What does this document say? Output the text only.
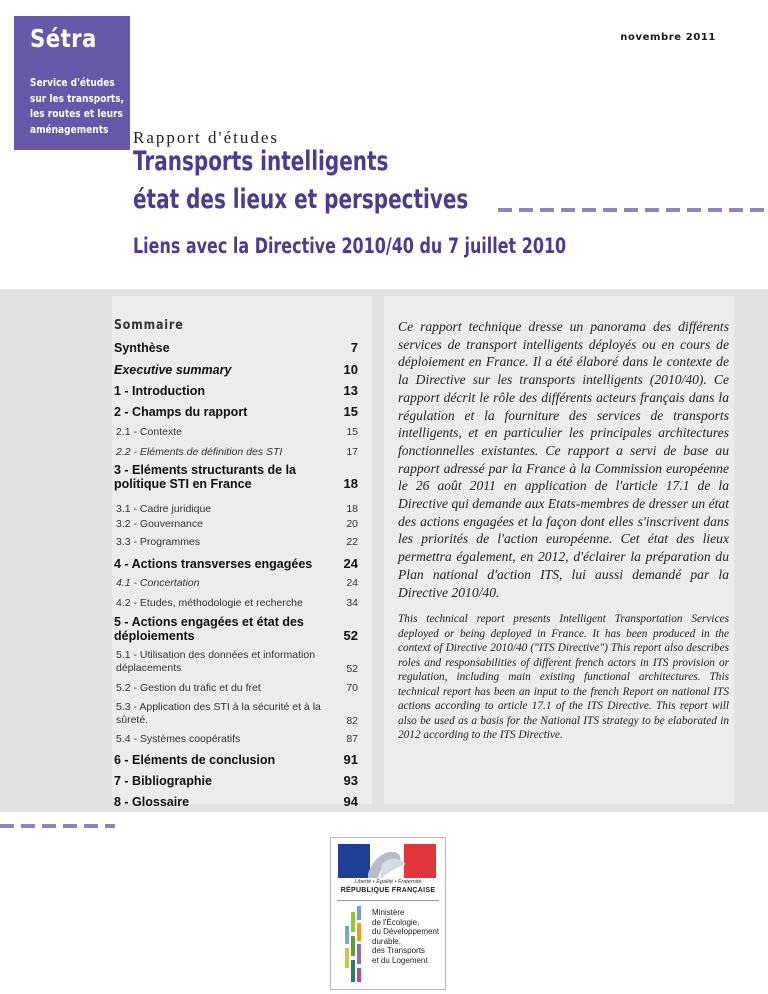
Sétra
Service d'études
sur les transports,
les routes et leurs
aménagements
novembre 2011
Rapport d'études
Transports intelligents
état des lieux et perspectives
Liens avec la Directive 2010/40 du 7 juillet 2010
Sommaire
Synthèse	7
Executive summary	10
1 - Introduction	13
2 - Champs du rapport	15
2.1 - Contexte	15
2.2 - Eléments de définition des STI	17
3 - Eléments structurants de la politique STI en France	18
3.1 - Cadre juridique	18
3.2 - Gouvernance	20
3.3 - Programmes	22
4 - Actions transverses engagées 24
4.1 - Concertation	24
4.2 - Etudes, méthodologie et recherche	34
5 - Actions engagées et état des déploiements	52
5.1 - Utilisation des données et information déplacements	52
5.2 - Gestion du trafic et du fret	70
5.3 - Application des STI à la sécurité et à la sûreté.	82
5.4 - Systèmes coopératifs	87
6 - Eléments de conclusion	91
7 - Bibliographie	93
8 - Glossaire	94
Ce rapport technique dresse un panorama des différents services de transport intelligents déployés ou en cours de déploiement en France. Il a été élaboré dans le contexte de la Directive sur les transports intelligents (2010/40). Ce rapport décrit le rôle des différents acteurs français dans la régulation et la fourniture des services de transports intelligents, et en particulier les principales architectures fonctionnelles existantes. Ce rapport a servi de base au rapport adressé par la France à la Commission européenne le 26 août 2011 en application de l'article 17.1 de la Directive qui demande aux Etats-membres de dresser un état des actions engagées et la façon dont elles s'inscrivent dans les priorités de l'action européenne. Cet état des lieux permettra également, en 2012, d'éclairer la préparation du Plan national d'action ITS, lui aussi demandé par la Directive 2010/40.
This technical report presents Intelligent Transportation Services deployed or being deployed in France. It has been produced in the context of Directive 2010/40 ("ITS Directive") This report also describes roles and responsabilities of different french actors in ITS provision or regulation, including main existing functional architectures. This technical report has been an input to the french Report on national ITS actions according to article 17.1 of the ITS Directive. This report will also be used as a basis for the National ITS strategy to be elaborated in 2012 according to the ITS Directive.
Liberté • Égalité • Fraternité
RÉPUBLIQUE FRANÇAISE
Ministère
de l'Écologie,
du Développement
durable,
des Transports
et du Logement
